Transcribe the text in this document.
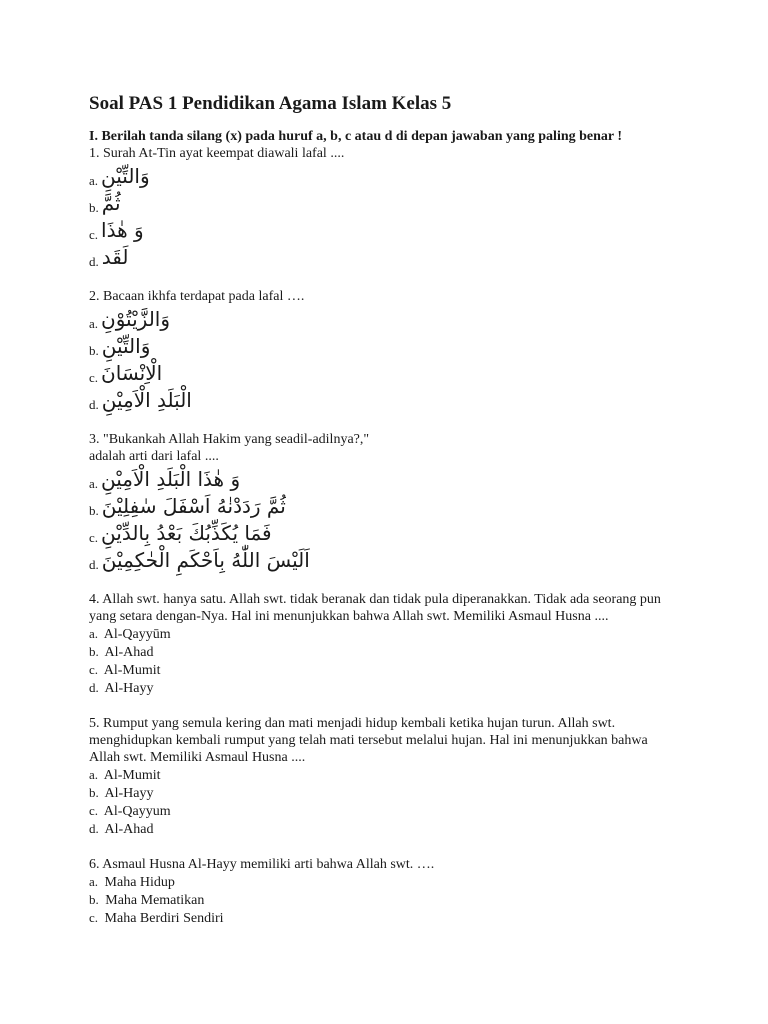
Soal PAS 1 Pendidikan Agama Islam Kelas 5
I. Berilah tanda silang (x) pada huruf a, b, c atau d di depan jawaban yang paling benar !
1. Surah At-Tin ayat keempat diawali lafal ....
a. وَالتِّيْنِ
b. ثُمَّ
c. وَ هٰذَا
d. لَقَد
2. Bacaan ikhfa terdapat pada lafal ….
a. وَالزَّيْتُوْنِ
b. وَالتِّيْنِ
c. الْاِنْسَانَ
d. الْبَلَدِ الْاَمِيْنِ
3. "Bukankah Allah Hakim yang seadil-adilnya?,"
adalah arti dari lafal ....
a. وَ هٰذَا الْبَلَدِ الْاَمِيْنِ
b. ثُمَّ رَدَدْنٰهُ اَسْفَلَ سٰفِلِيْنَ
c. فَمَا يُكَذِّبُكَ بَعْدُ بِالدِّيْنِ
d. اَلَيْسَ اللّٰهُ بِاَحْكَمِ الْحٰكِمِيْنَ
4. Allah swt. hanya satu. Allah swt. tidak beranak dan tidak pula diperanakkan. Tidak ada seorang pun yang setara dengan-Nya. Hal ini menunjukkan bahwa Allah swt. Memiliki Asmaul Husna ....
a. Al-Qayyūm
b. Al-Ahad
c. Al-Mumit
d. Al-Hayy
5. Rumput yang semula kering dan mati menjadi hidup kembali ketika hujan turun. Allah swt. menghidupkan kembali rumput yang telah mati tersebut melalui hujan. Hal ini menunjukkan bahwa Allah swt. Memiliki Asmaul Husna ....
a. Al-Mumit
b. Al-Hayy
c. Al-Qayyum
d. Al-Ahad
6. Asmaul Husna Al-Hayy memiliki arti bahwa Allah swt. ….
a. Maha Hidup
b. Maha Mematikan
c. Maha Berdiri Sendiri
